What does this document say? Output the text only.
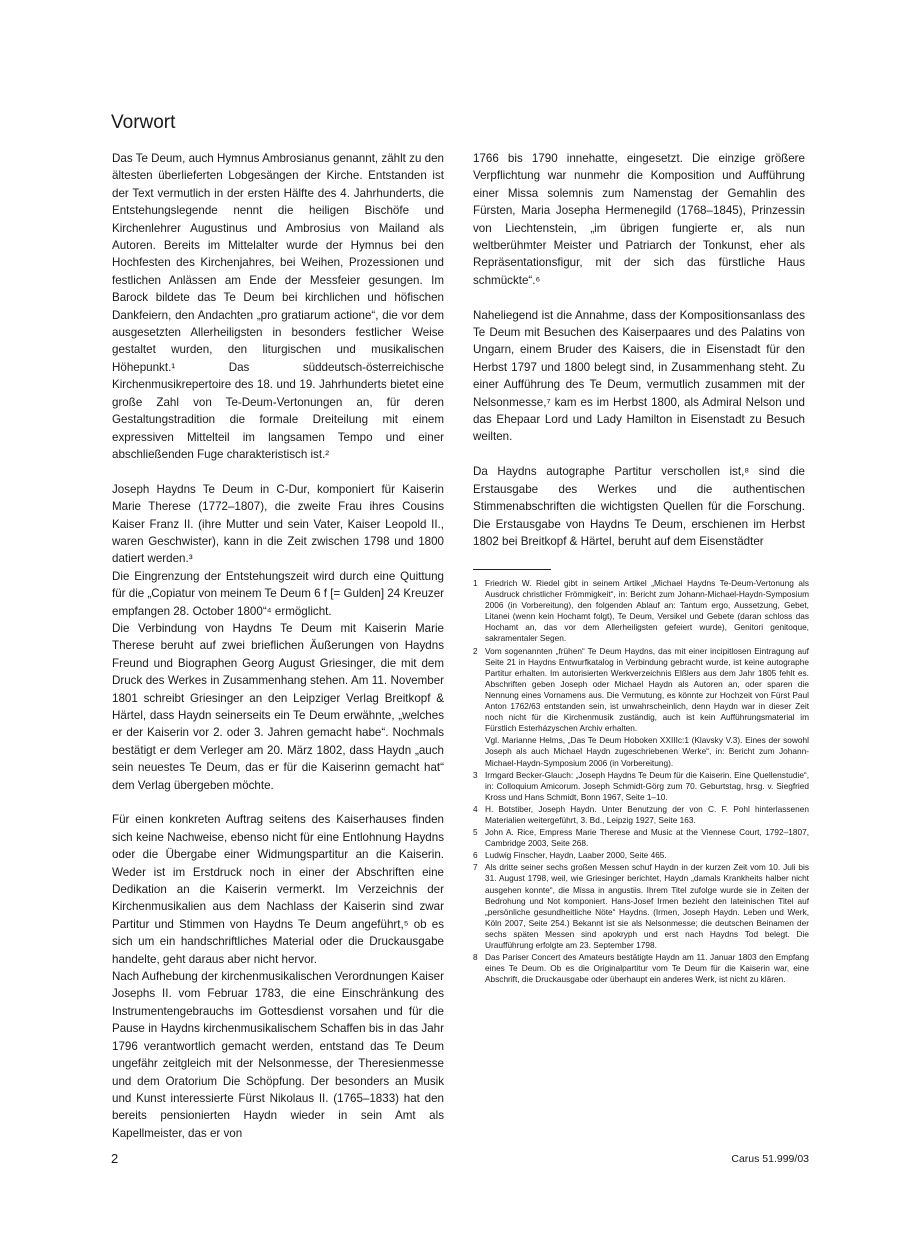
Vorwort

Das Te Deum, auch Hymnus Ambrosianus genannt, zählt zu den ältesten überlieferten Lobgesängen der Kirche. Entstanden ist der Text vermutlich in der ersten Hälfte des 4. Jahrhunderts, die Entstehungslegende nennt die heiligen Bischöfe und Kirchenlehrer Augustinus und Ambrosius von Mailand als Autoren. Bereits im Mittelalter wurde der Hymnus bei den Hochfesten des Kirchenjahres, bei Weihen, Prozessionen und festlichen Anlässen am Ende der Messfeier gesungen. Im Barock bildete das Te Deum bei kirchlichen und höfischen Dankfeiern, den Andachten „pro gratiarum actione“, die vor dem ausgesetzten Allerheiligsten in besonders festlicher Weise gestaltet wurden, den liturgischen und musikalischen Höhepunkt.¹ Das süddeutsch-österreichische Kirchenmusikrepertoire des 18. und 19. Jahrhunderts bietet eine große Zahl von Te-Deum-Vertonungen an, für deren Gestaltungstradition die formale Dreiteilung mit einem expressiven Mittelteil im langsamen Tempo und einer abschließenden Fuge charakteristisch ist.²

Joseph Haydns Te Deum in C-Dur, komponiert für Kaiserin Marie Therese (1772–1807), die zweite Frau ihres Cousins Kaiser Franz II. (ihre Mutter und sein Vater, Kaiser Leopold II., waren Geschwister), kann in die Zeit zwischen 1798 und 1800 datiert werden.³

Die Eingrenzung der Entstehungszeit wird durch eine Quittung für die „Copiatur von meinem Te Deum 6 f [= Gulden] 24 Kreuzer empfangen 28. October 1800“⁴ ermöglicht.

Die Verbindung von Haydns Te Deum mit Kaiserin Marie Therese beruht auf zwei brieflichen Äußerungen von Haydns Freund und Biographen Georg August Griesinger, die mit dem Druck des Werkes in Zusammenhang stehen. Am 11. November 1801 schreibt Griesinger an den Leipziger Verlag Breitkopf & Härtel, dass Haydn seinerseits ein Te Deum erwähnte, „welches er der Kaiserin vor 2. oder 3. Jahren gemacht habe“. Nochmals bestätigt er dem Verleger am 20. März 1802, dass Haydn „auch sein neuestes Te Deum, das er für die Kaiserinn gemacht hat“ dem Verlag übergeben möchte.

Für einen konkreten Auftrag seitens des Kaiserhauses finden sich keine Nachweise, ebenso nicht für eine Entlohnung Haydns oder die Übergabe einer Widmungspartitur an die Kaiserin. Weder ist im Erstdruck noch in einer der Abschriften eine Dedikation an die Kaiserin vermerkt. Im Verzeichnis der Kirchenmusikalien aus dem Nachlass der Kaiserin sind zwar Partitur und Stimmen von Haydns Te Deum angeführt,⁵ ob es sich um ein handschriftliches Material oder die Druckausgabe handelte, geht daraus aber nicht hervor.

Nach Aufhebung der kirchenmusikalischen Verordnungen Kaiser Josephs II. vom Februar 1783, die eine Einschränkung des Instrumentengebrauchs im Gottesdienst vorsahen und für die Pause in Haydns kirchenmusikalischem Schaffen bis in das Jahr 1796 verantwortlich gemacht werden, entstand das Te Deum ungefähr zeitgleich mit der Nelsonmesse, der Theresienmesse und dem Oratorium Die Schöpfung. Der besonders an Musik und Kunst interessierte Fürst Nikolaus II. (1765–1833) hat den bereits pensionierten Haydn wieder in sein Amt als Kapellmeister, das er von

1766 bis 1790 innehatte, eingesetzt. Die einzige größere Verpflichtung war nunmehr die Komposition und Aufführung einer Missa solemnis zum Namenstag der Gemahlin des Fürsten, Maria Josepha Hermenegild (1768–1845), Prinzessin von Liechtenstein, „im übrigen fungierte er, als nun weltberühmter Meister und Patriarch der Tonkunst, eher als Repräsentationsfigur, mit der sich das fürstliche Haus schmückte“.⁶

Naheliegend ist die Annahme, dass der Kompositionsanlass des Te Deum mit Besuchen des Kaiserpaares und des Palatins von Ungarn, einem Bruder des Kaisers, die in Eisenstadt für den Herbst 1797 und 1800 belegt sind, in Zusammenhang steht. Zu einer Aufführung des Te Deum, vermutlich zusammen mit der Nelsonmesse,⁷ kam es im Herbst 1800, als Admiral Nelson und das Ehepaar Lord und Lady Hamilton in Eisenstadt zu Besuch weilten.

Da Haydns autographe Partitur verschollen ist,⁸ sind die Erstausgabe des Werkes und die authentischen Stimmenabschriften die wichtigsten Quellen für die Forschung. Die Erstausgabe von Haydns Te Deum, erschienen im Herbst 1802 bei Breitkopf & Härtel, beruht auf dem Eisenstädter

1 Friedrich W. Riedel gibt in seinem Artikel „Michael Haydns Te-Deum-Vertonung als Ausdruck christlicher Frömmigkeit“, in: Bericht zum Johann-Michael-Haydn-Symposium 2006 (in Vorbereitung), den folgenden Ablauf an: Tantum ergo, Aussetzung, Gebet, Litanei (wenn kein Hochamt folgt), Te Deum, Versikel und Gebete (daran schloss das Hochamt an, das vor dem Allerheiligsten gefeiert wurde), Genitori genitoque, sakramentaler Segen.
2 Vom sogenannten „frühen“ Te Deum Haydns, das mit einer incipitlosen Eintragung auf Seite 21 in Haydns Entwurfkatalog in Verbindung gebracht wurde, ist keine autographe Partitur erhalten. Im autorisierten Werkverzeichnis Elßlers aus dem Jahr 1805 fehlt es. Abschriften geben Joseph oder Michael Haydn als Autoren an, oder sparen die Nennung eines Vornamens aus. Die Vermutung, es könnte zur Hochzeit von Fürst Paul Anton 1762/63 entstanden sein, ist unwahrscheinlich, denn Haydn war in dieser Zeit noch nicht für die Kirchenmusik zuständig, auch ist kein Aufführungsmaterial im Fürstlich Esterházyschen Archiv erhalten.
Vgl. Marianne Helms, „Das Te Deum Hoboken XXIIIc:1 (Klavsky V.3). Eines der sowohl Joseph als auch Michael Haydn zugeschriebenen Werke“, in: Bericht zum Johann-Michael-Haydn-Symposium 2006 (in Vorbereitung).
3 Irmgard Becker-Glauch: „Joseph Haydns Te Deum für die Kaiserin. Eine Quellenstudie“, in: Colloquium Amicorum. Joseph Schmidt-Görg zum 70. Geburtstag, hrsg. v. Siegfried Kross und Hans Schmidt, Bonn 1967, Seite 1–10.
4 H. Botstiber, Joseph Haydn. Unter Benutzung der von C. F. Pohl hinterlassenen Materialien weitergeführt, 3. Bd., Leipzig 1927, Seite 163.
5 John A. Rice, Empress Marie Therese and Music at the Viennese Court, 1792–1807, Cambridge 2003, Seite 268.
6 Ludwig Finscher, Haydn, Laaber 2000, Seite 465.
7 Als dritte seiner sechs großen Messen schuf Haydn in der kurzen Zeit vom 10. Juli bis 31. August 1798, weil, wie Griesinger berichtet, Haydn „damals Krankheits halber nicht ausgehen konnte“, die Missa in angustiis. Ihrem Titel zufolge wurde sie in Zeiten der Bedrohung und Not komponiert. Hans-Josef Irmen bezieht den lateinischen Titel auf „persönliche gesundheitliche Nöte“ Haydns. (Irmen, Joseph Haydn. Leben und Werk, Köln 2007, Seite 254.) Bekannt ist sie als Nelsonmesse; die deutschen Beinamen der sechs späten Messen sind apokryph und erst nach Haydns Tod belegt. Die Uraufführung erfolgte am 23. September 1798.
8 Das Pariser Concert des Amateurs bestätigte Haydn am 11. Januar 1803 den Empfang eines Te Deum. Ob es die Originalpartitur vom Te Deum für die Kaiserin war, eine Abschrift, die Druckausgabe oder überhaupt ein anderes Werk, ist nicht zu klären.
2	Carus 51.999/03
